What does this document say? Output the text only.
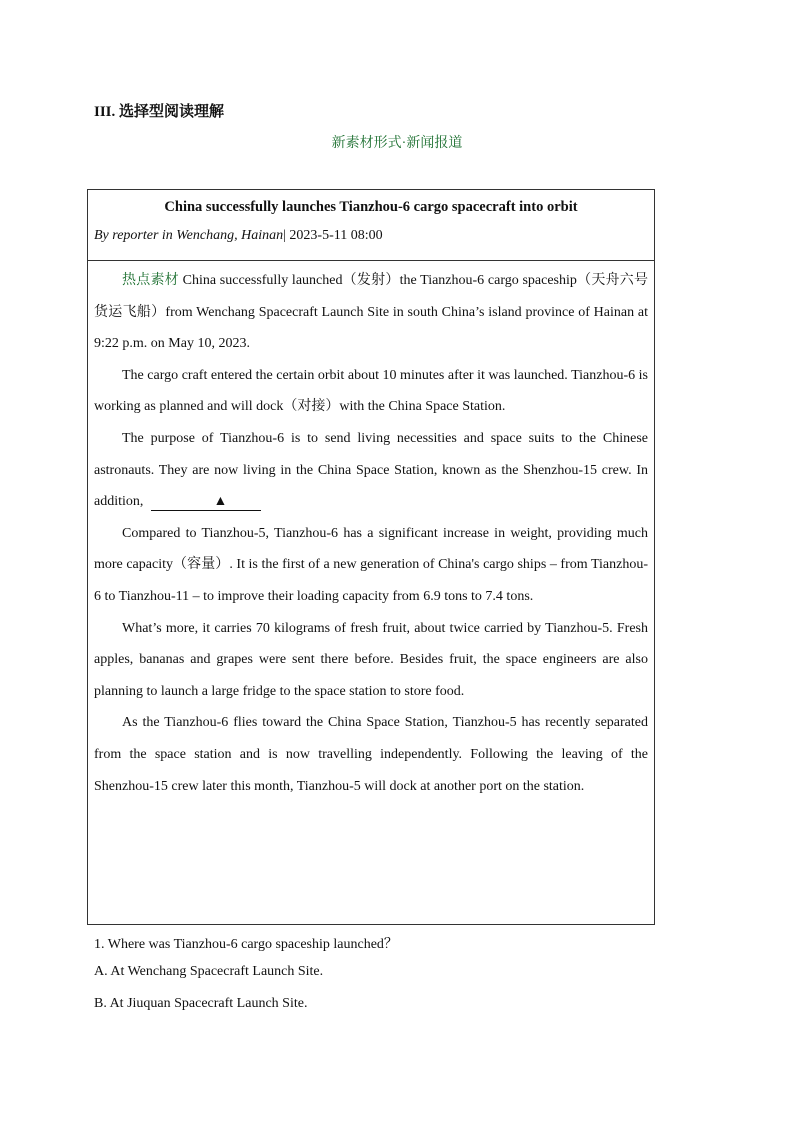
III. 选择型阅读理解
新素材形式·新闻报道
China successfully launches Tianzhou-6 cargo spacecraft into orbit
By reporter in Wenchang, Hainan| 2023-5-11 08:00

热点素材 China successfully launched（发射）the Tianzhou-6 cargo spaceship（天舟六号货运飞船）from Wenchang Spacecraft Launch Site in south China’s island province of Hainan at 9:22 p.m. on May 10, 2023.

The cargo craft entered the certain orbit about 10 minutes after it was launched. Tianzhou-6 is working as planned and will dock（对接）with the China Space Station.

The purpose of Tianzhou-6 is to send living necessities and space suits to the Chinese astronauts. They are now living in the China Space Station, known as the Shenzhou-15 crew. In addition,	▲

Compared to Tianzhou-5, Tianzhou-6 has a significant increase in weight, providing much more capacity（容量）. It is the first of a new generation of China's cargo ships – from Tianzhou-6 to Tianzhou-11 – to improve their loading capacity from 6.9 tons to 7.4 tons.

What’s more, it carries 70 kilograms of fresh fruit, about twice carried by Tianzhou-5. Fresh apples, bananas and grapes were sent there before. Besides fruit, the space engineers are also planning to launch a large fridge to the space station to store food.

As the Tianzhou-6 flies toward the China Space Station, Tianzhou-5 has recently separated from the space station and is now travelling independently. Following the leaving of the Shenzhou-15 crew later this month, Tianzhou-5 will dock at another port on the station.

1. Where was Tianzhou-6 cargo spaceship launched？
A. At Wenchang Spacecraft Launch Site.
B. At Jiuquan Spacecraft Launch Site.
